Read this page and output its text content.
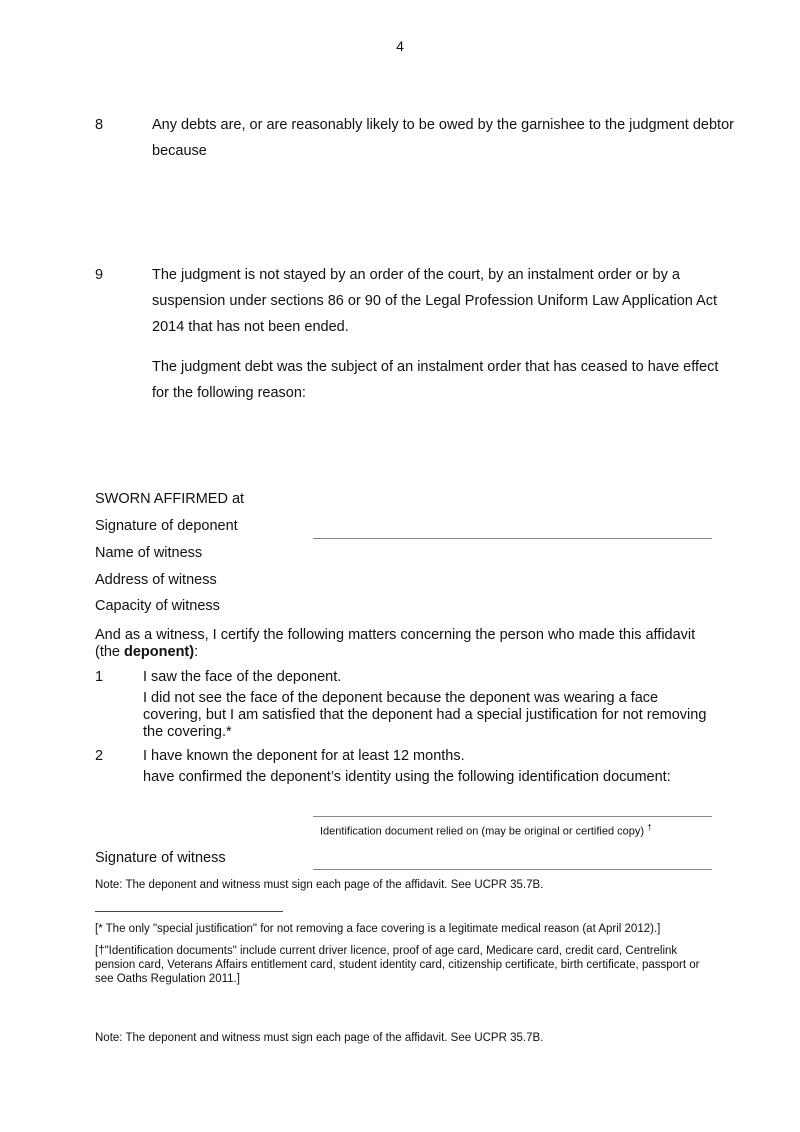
4
8	Any debts are, or are reasonably likely to be owed by the garnishee to the judgment debtor because
9	The judgment is not stayed by an order of the court, by an instalment order or by a suspension under sections 86 or 90 of the Legal Profession Uniform Law Application Act 2014 that has not been ended.
The judgment debt was the subject of an instalment order that has ceased to have effect for the following reason:
SWORN AFFIRMED at
Signature of deponent
Name of witness
Address of witness
Capacity of witness
And as a witness, I certify the following matters concerning the person who made this affidavit (the deponent):
1	I saw the face of the deponent.
I did not see the face of the deponent because the deponent was wearing a face covering, but I am satisfied that the deponent had a special justification for not removing the covering.*
2	I have known the deponent for at least 12 months.
have confirmed the deponent’s identity using the following identification document:
Identification document relied on (may be original or certified copy) †
Signature of witness
Note: The deponent and witness must sign each page of the affidavit. See UCPR 35.7B.
[* The only "special justification" for not removing a face covering is a legitimate medical reason (at April 2012).]
[†"Identification documents" include current driver licence, proof of age card, Medicare card, credit card, Centrelink pension card, Veterans Affairs entitlement card, student identity card, citizenship certificate, birth certificate, passport or see Oaths Regulation 2011.]
Note: The deponent and witness must sign each page of the affidavit. See UCPR 35.7B.
